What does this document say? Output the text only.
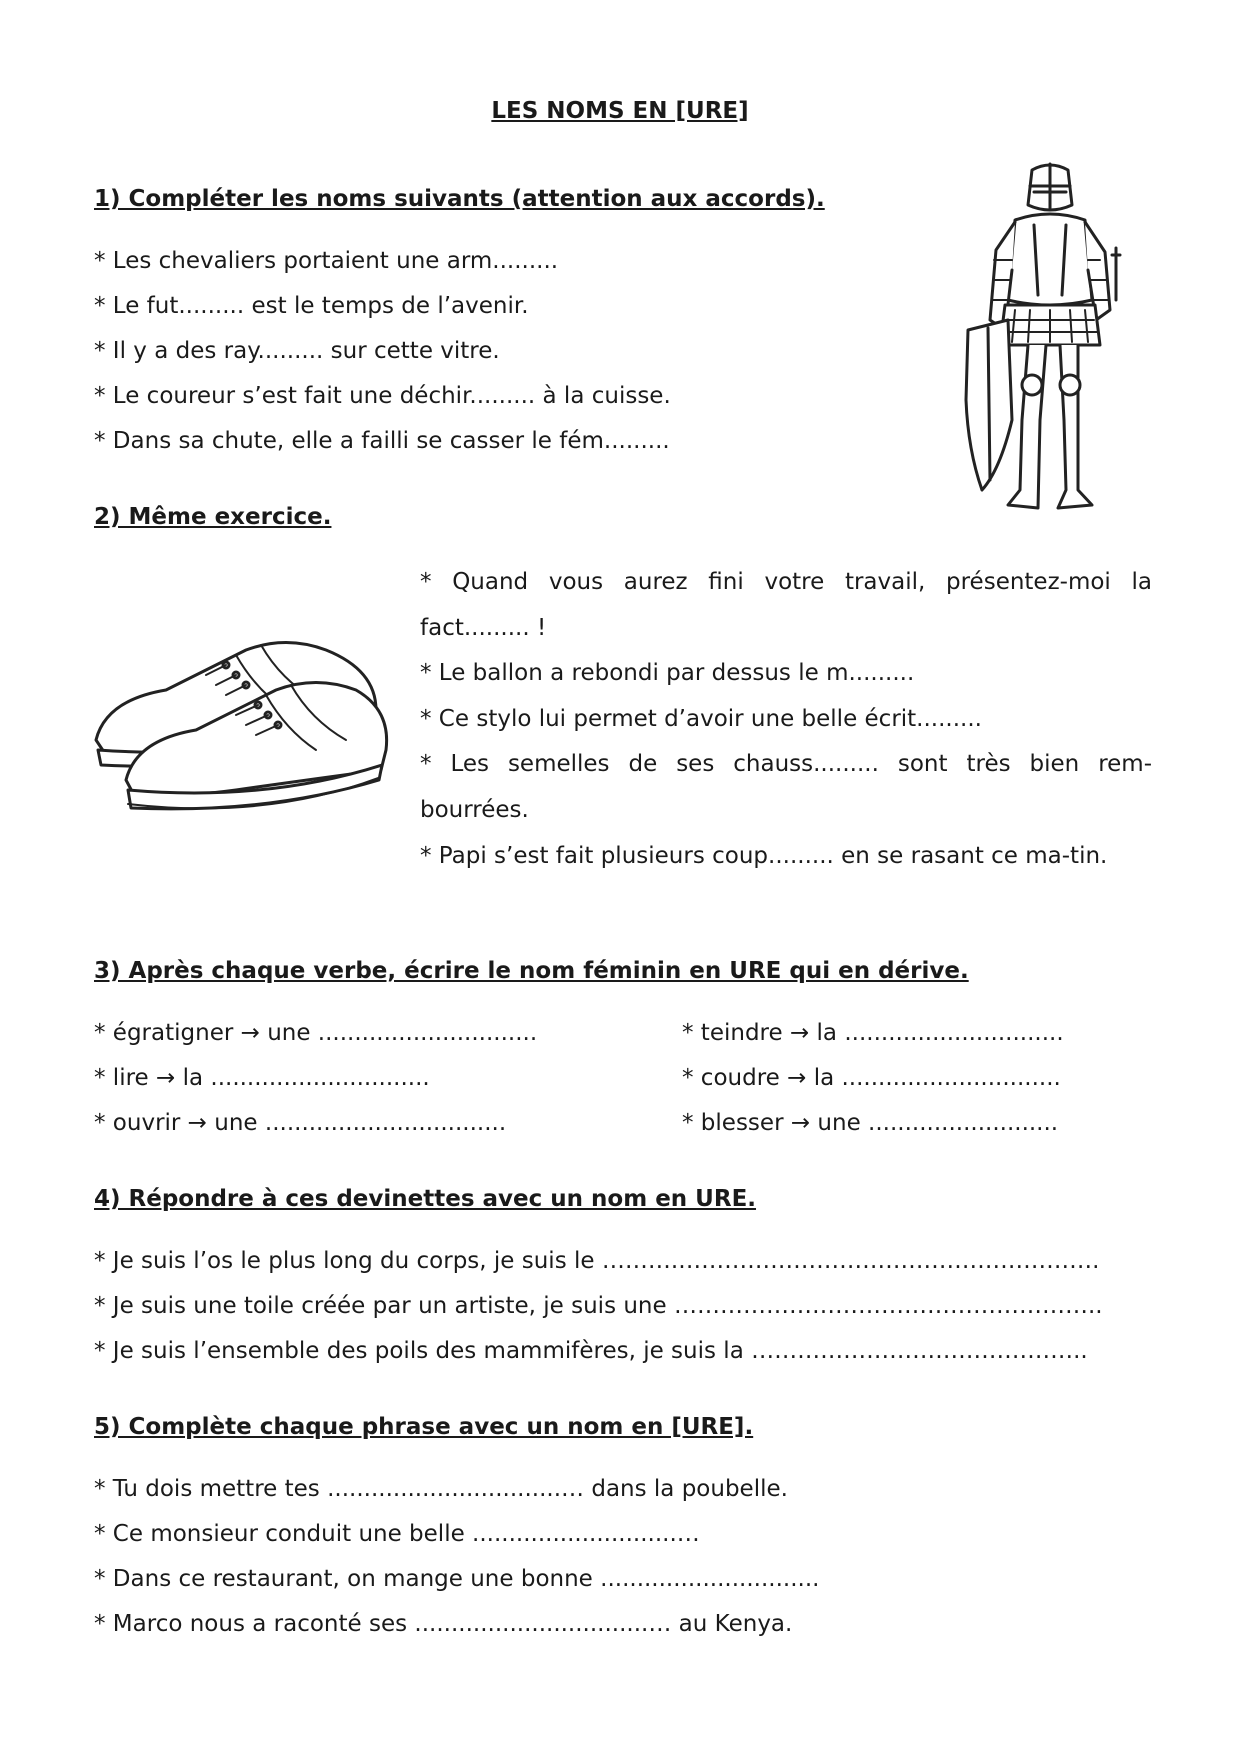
LES NOMS EN [URE]
1) Compléter les noms suivants (attention aux accords).
* Les chevaliers portaient une arm.........
* Le fut......... est le temps de l’avenir.
* Il y a des ray......... sur cette vitre.
* Le coureur s’est fait une déchir......... à la cuisse.
* Dans sa chute, elle a failli se casser le fém.........
2) Même exercice.

* Quand vous aurez fini votre travail, présentez-moi la fact......... !

* Le ballon a rebondi par dessus le m.........

* Ce stylo lui permet d’avoir une belle écrit.........

* Les semelles de ses chauss......... sont très bien rem-bourrées.

* Papi s’est fait plusieurs coup......... en se rasant ce ma-tin.

3) Après chaque verbe, écrire le nom féminin en URE qui en dérive.
* égratigner → une ..............................
* lire → la ..............................
* ouvrir → une .................................
* teindre → la ..............................
* coudre → la ..............................
* blesser → une ..........................
4) Répondre à ces devinettes avec un nom en URE.
* Je suis l’os le plus long du corps, je suis le ……….……………………………………………….
* Je suis une toile créée par un artiste, je suis une ………………………………………………..
* Je suis l’ensemble des poils des mammifères, je suis la ……………………………………..
5) Complète chaque phrase avec un nom en [URE].
* Tu dois mettre tes ................................… dans la poubelle.
* Ce monsieur conduit une belle ............................…
* Dans ce restaurant, on mange une bonne ..............................
* Marco nous a raconté ses ................................… au Kenya.
